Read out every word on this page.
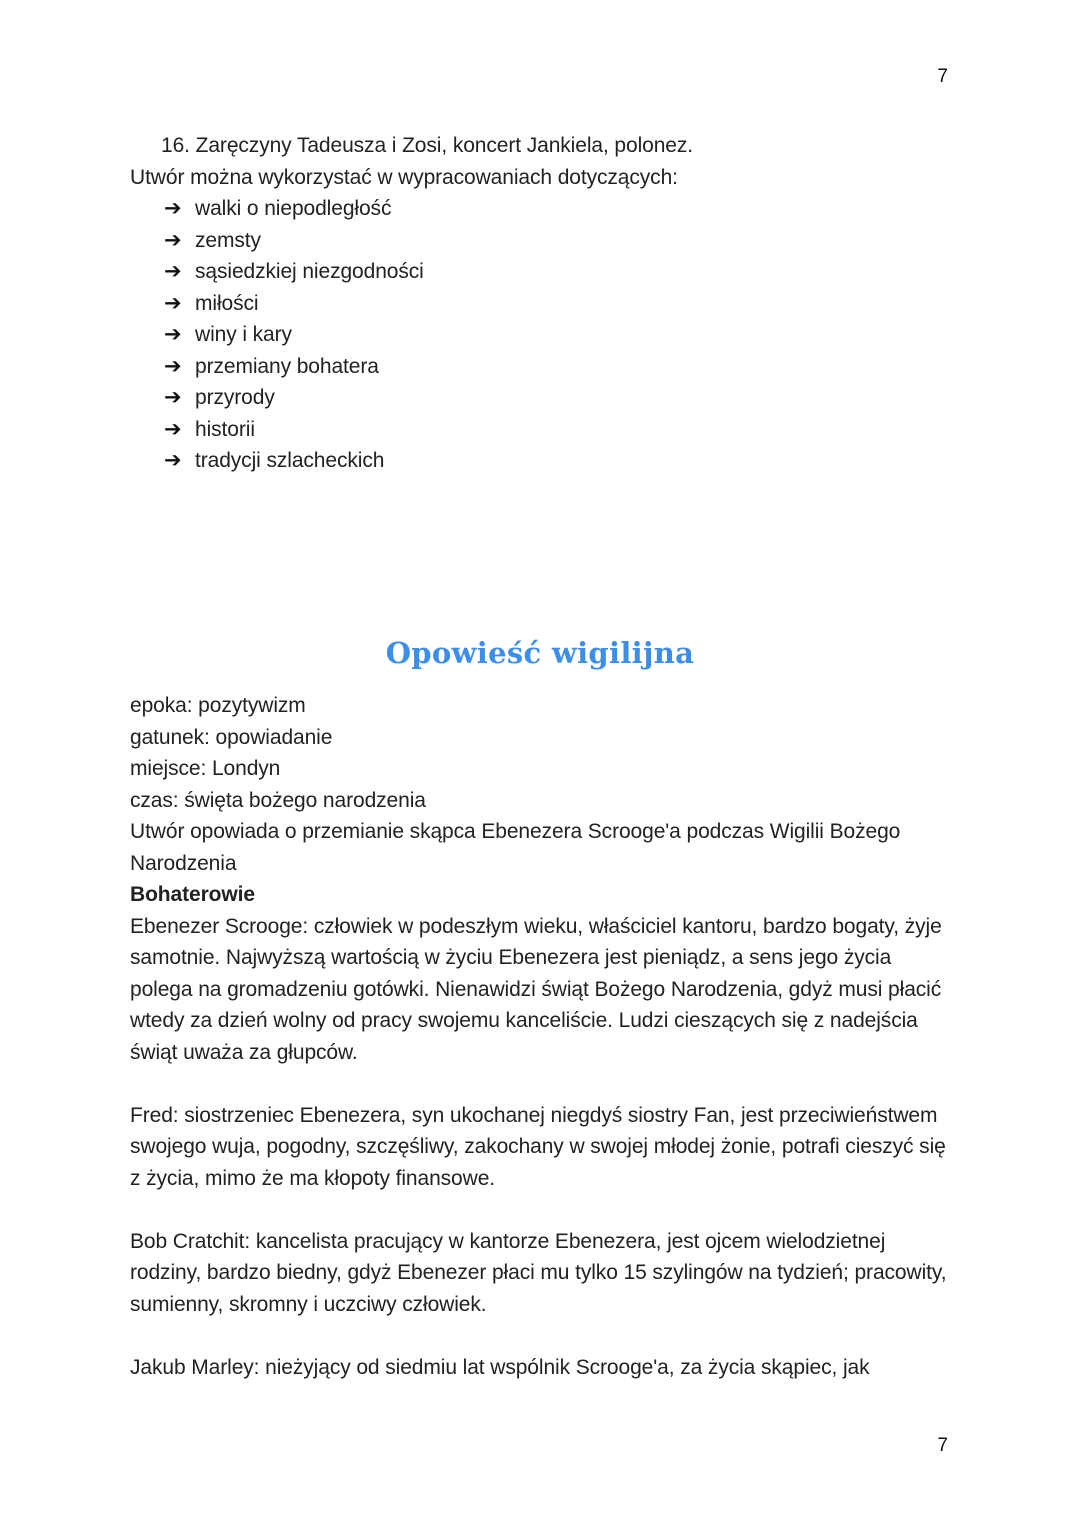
7

16. Zaręczyny Tadeusza i Zosi, koncert Jankiela, polonez.

Utwór można wykorzystać w wypracowaniach dotyczących:

➔ walki o niepodległość
➔ zemsty
➔ sąsiedzkiej niezgodności
➔ miłości
➔ winy i kary
➔ przemiany bohatera
➔ przyrody
➔ historii
➔ tradycji szlacheckich
Opowieść wigilijna

epoka: pozytywizm

gatunek: opowiadanie

miejsce: Londyn

czas: święta bożego narodzenia

Utwór opowiada o przemianie skąpca Ebenezera Scrooge'a podczas Wigilii Bożego Narodzenia

Bohaterowie

Ebenezer Scrooge: człowiek w podeszłym wieku, właściciel kantoru, bardzo bogaty, żyje samotnie. Najwyższą wartością w życiu Ebenezera jest pieniądz, a sens jego życia polega na gromadzeniu gotówki. Nienawidzi świąt Bożego Narodzenia, gdyż musi płacić wtedy za dzień wolny od pracy swojemu kanceliście. Ludzi cieszących się z nadejścia świąt uważa za głupców.

Fred: siostrzeniec Ebenezera, syn ukochanej niegdyś siostry Fan, jest przeciwieństwem swojego wuja, pogodny, szczęśliwy, zakochany w swojej młodej żonie, potrafi cieszyć się z życia, mimo że ma kłopoty finansowe.

Bob Cratchit: kancelista pracujący w kantorze Ebenezera, jest ojcem wielodzietnej rodziny, bardzo biedny, gdyż Ebenezer płaci mu tylko 15 szylingów na tydzień; pracowity, sumienny, skromny i uczciwy człowiek.

Jakub Marley: nieżyjący od siedmiu lat wspólnik Scrooge'a, za życia skąpiec, jak

7
